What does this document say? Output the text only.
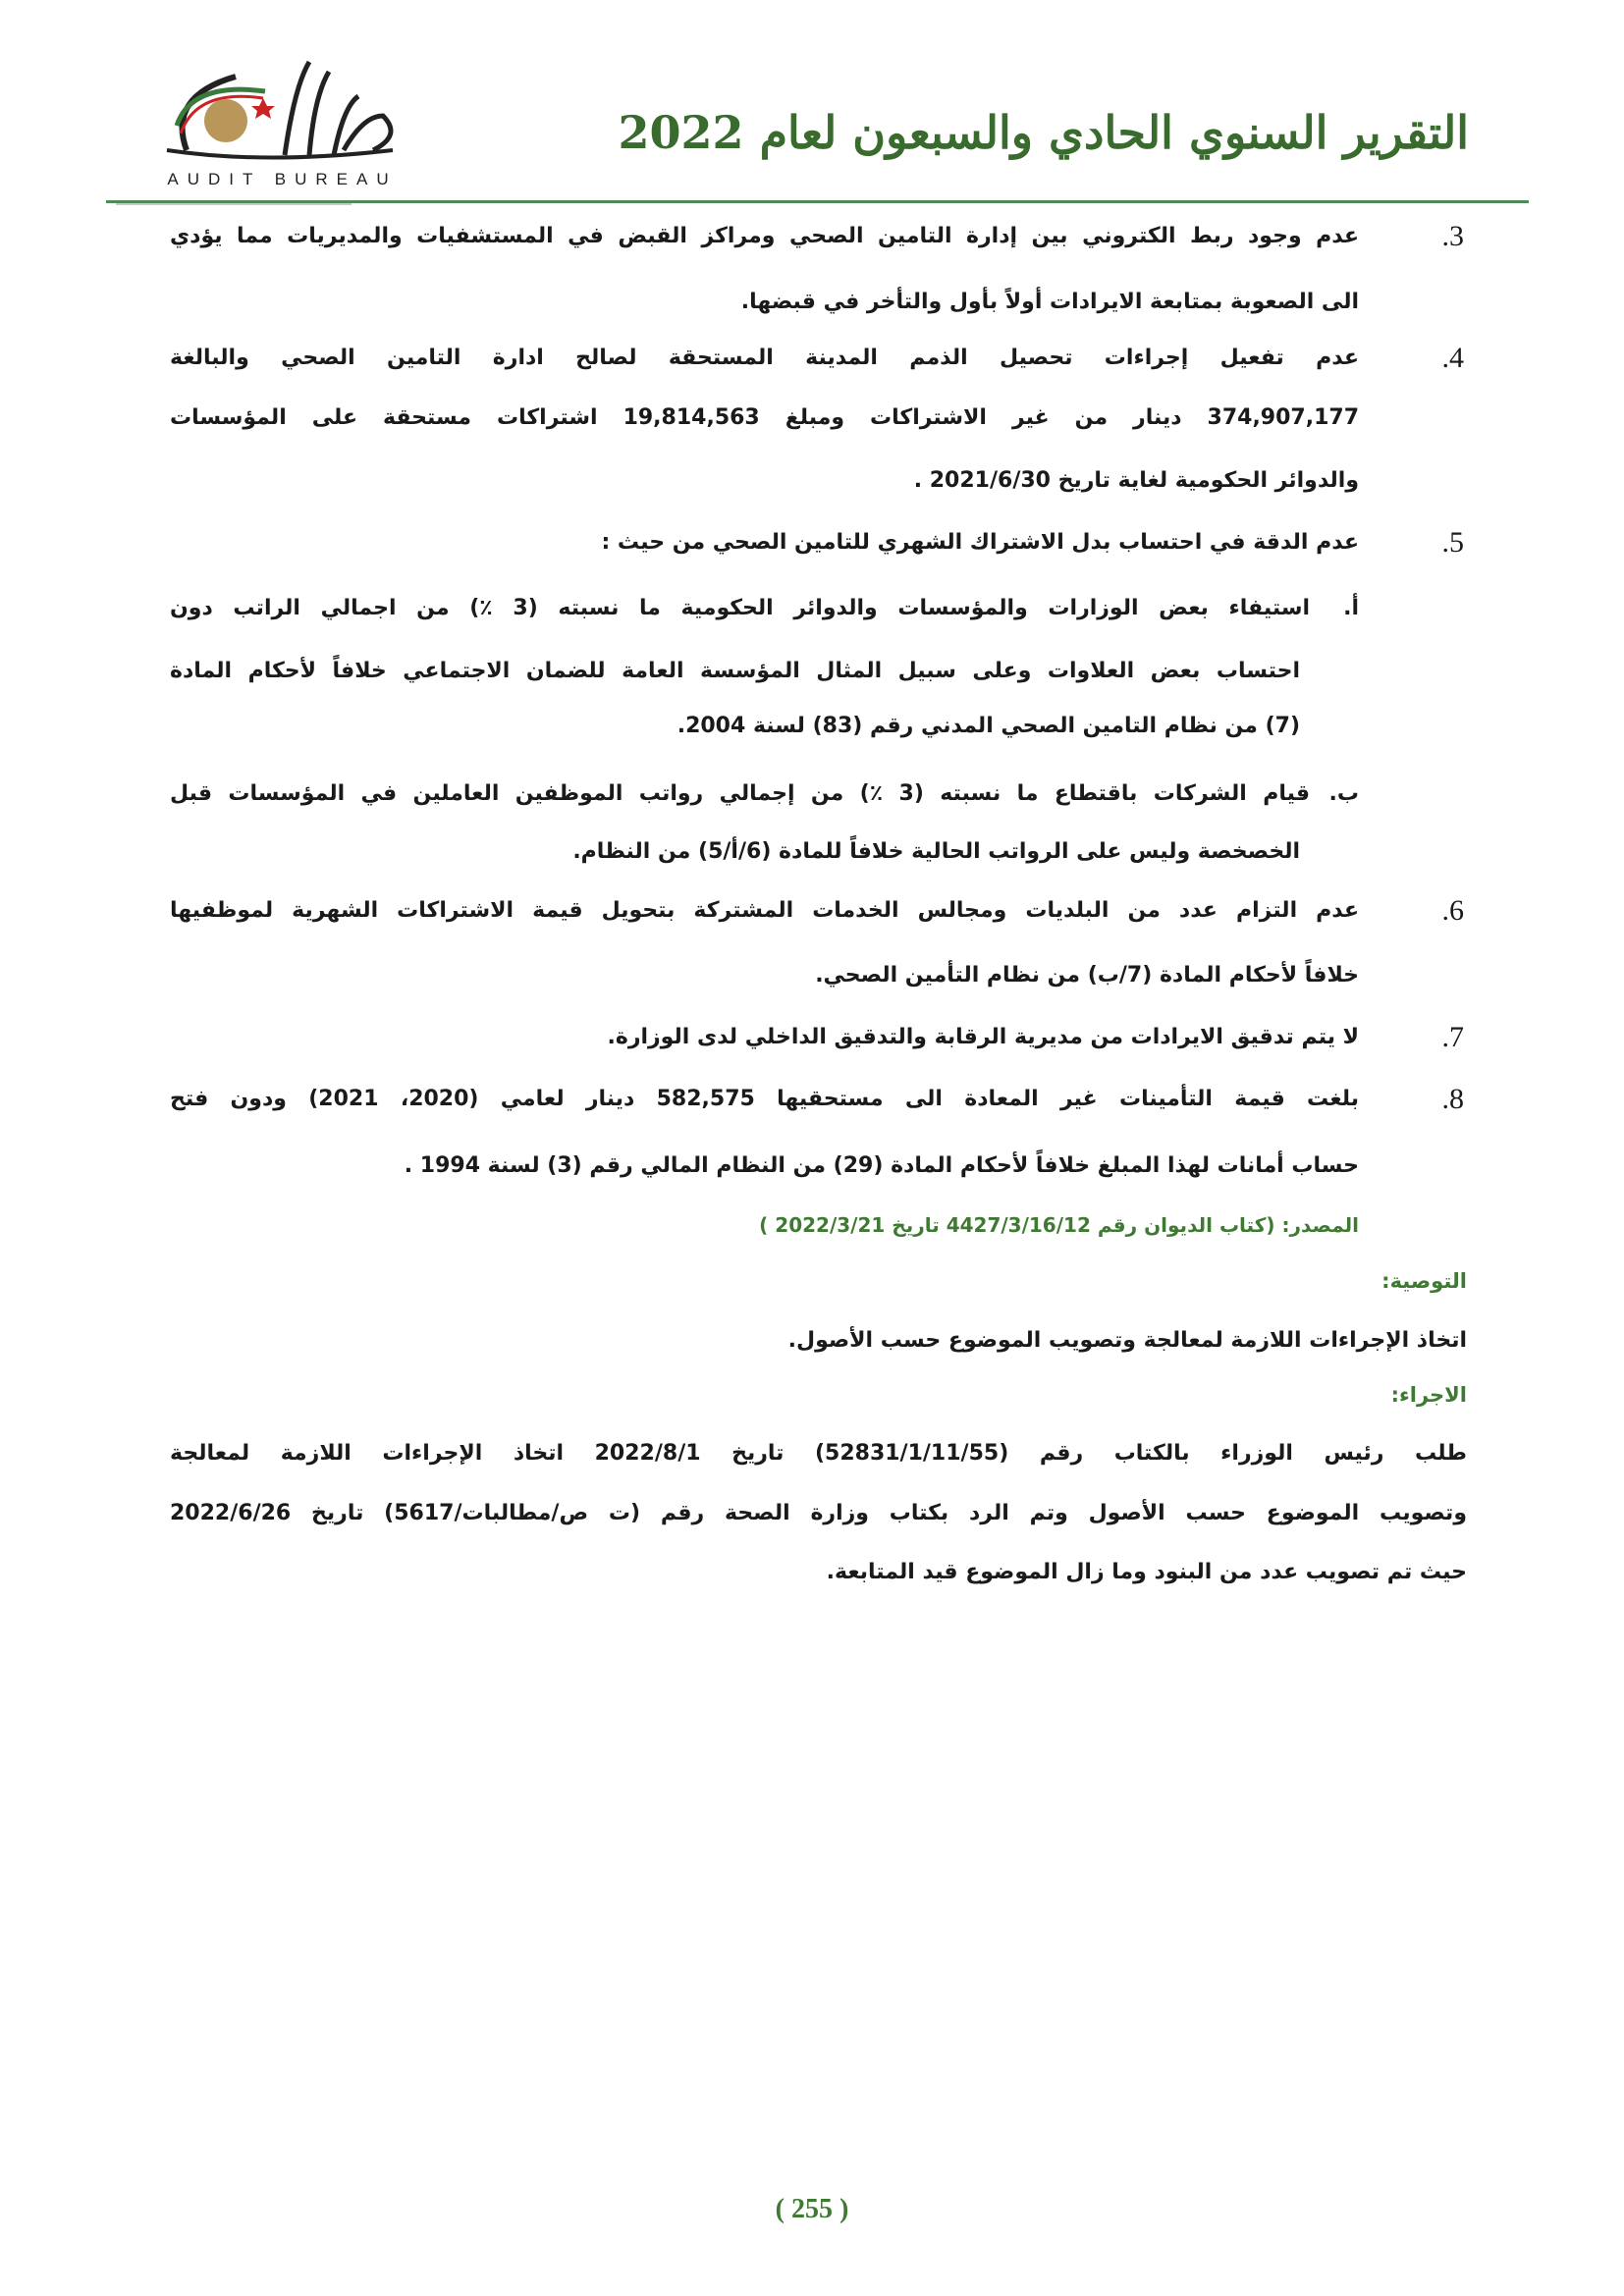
AUDIT BUREAU
التقرير السنوي الحادي والسبعون لعام 2022
.3
عدم وجود ربط الكتروني بين إدارة التامين الصحي ومراكز القبض في المستشفيات والمديريات مما يؤدي
الى الصعوبة بمتابعة الايرادات أولاً بأول والتأخر في قبضها.
.4
عدم تفعيل إجراءات تحصيل الذمم المدينة المستحقة لصالح ادارة التامين الصحي والبالغة
374,907,177 دينار من غير الاشتراكات ومبلغ 19,814,563 اشتراكات مستحقة على المؤسسات
والدوائر الحكومية لغاية تاريخ 2021/6/30 .
.5
عدم الدقة في احتساب بدل الاشتراك الشهري للتامين الصحي من حيث :
أ.
استيفاء بعض الوزارات والمؤسسات والدوائر الحكومية ما نسبته (3 ٪) من اجمالي الراتب دون
احتساب بعض العلاوات وعلى سبيل المثال المؤسسة العامة للضمان الاجتماعي خلافاً لأحكام المادة
(7) من نظام التامين الصحي المدني رقم (83) لسنة 2004.
ب.
قيام الشركات باقتطاع ما نسبته (3 ٪) من إجمالي رواتب الموظفين العاملين في المؤسسات قبل
الخصخصة وليس على الرواتب الحالية خلافاً للمادة (6/أ/5) من النظام.
.6
عدم التزام عدد من البلديات ومجالس الخدمات المشتركة بتحويل قيمة الاشتراكات الشهرية لموظفيها
خلافاً لأحكام المادة (7/ب) من نظام التأمين الصحي.
.7
لا يتم تدقيق الايرادات من مديرية الرقابة والتدقيق الداخلي لدى الوزارة.
.8
بلغت قيمة التأمينات غير المعادة الى مستحقيها 582,575 دينار لعامي (2020، 2021) ودون فتح
حساب أمانات لهذا المبلغ خلافاً لأحكام المادة (29) من النظام المالي رقم (3) لسنة 1994 .
المصدر: (كتاب الديوان رقم 4427/3/16/12 تاريخ 2022/3/21 )
التوصية:
اتخاذ الإجراءات اللازمة لمعالجة وتصويب الموضوع حسب الأصول.
الاجراء:
طلب رئيس الوزراء بالكتاب رقم (52831/1/11/55) تاريخ 2022/8/1 اتخاذ الإجراءات اللازمة لمعالجة
وتصويب الموضوع حسب الأصول وتم الرد بكتاب وزارة الصحة رقم (ت ص/مطالبات/5617) تاريخ 2022/6/26
حيث تم تصويب عدد من البنود وما زال الموضوع قيد المتابعة.
( 255 )
